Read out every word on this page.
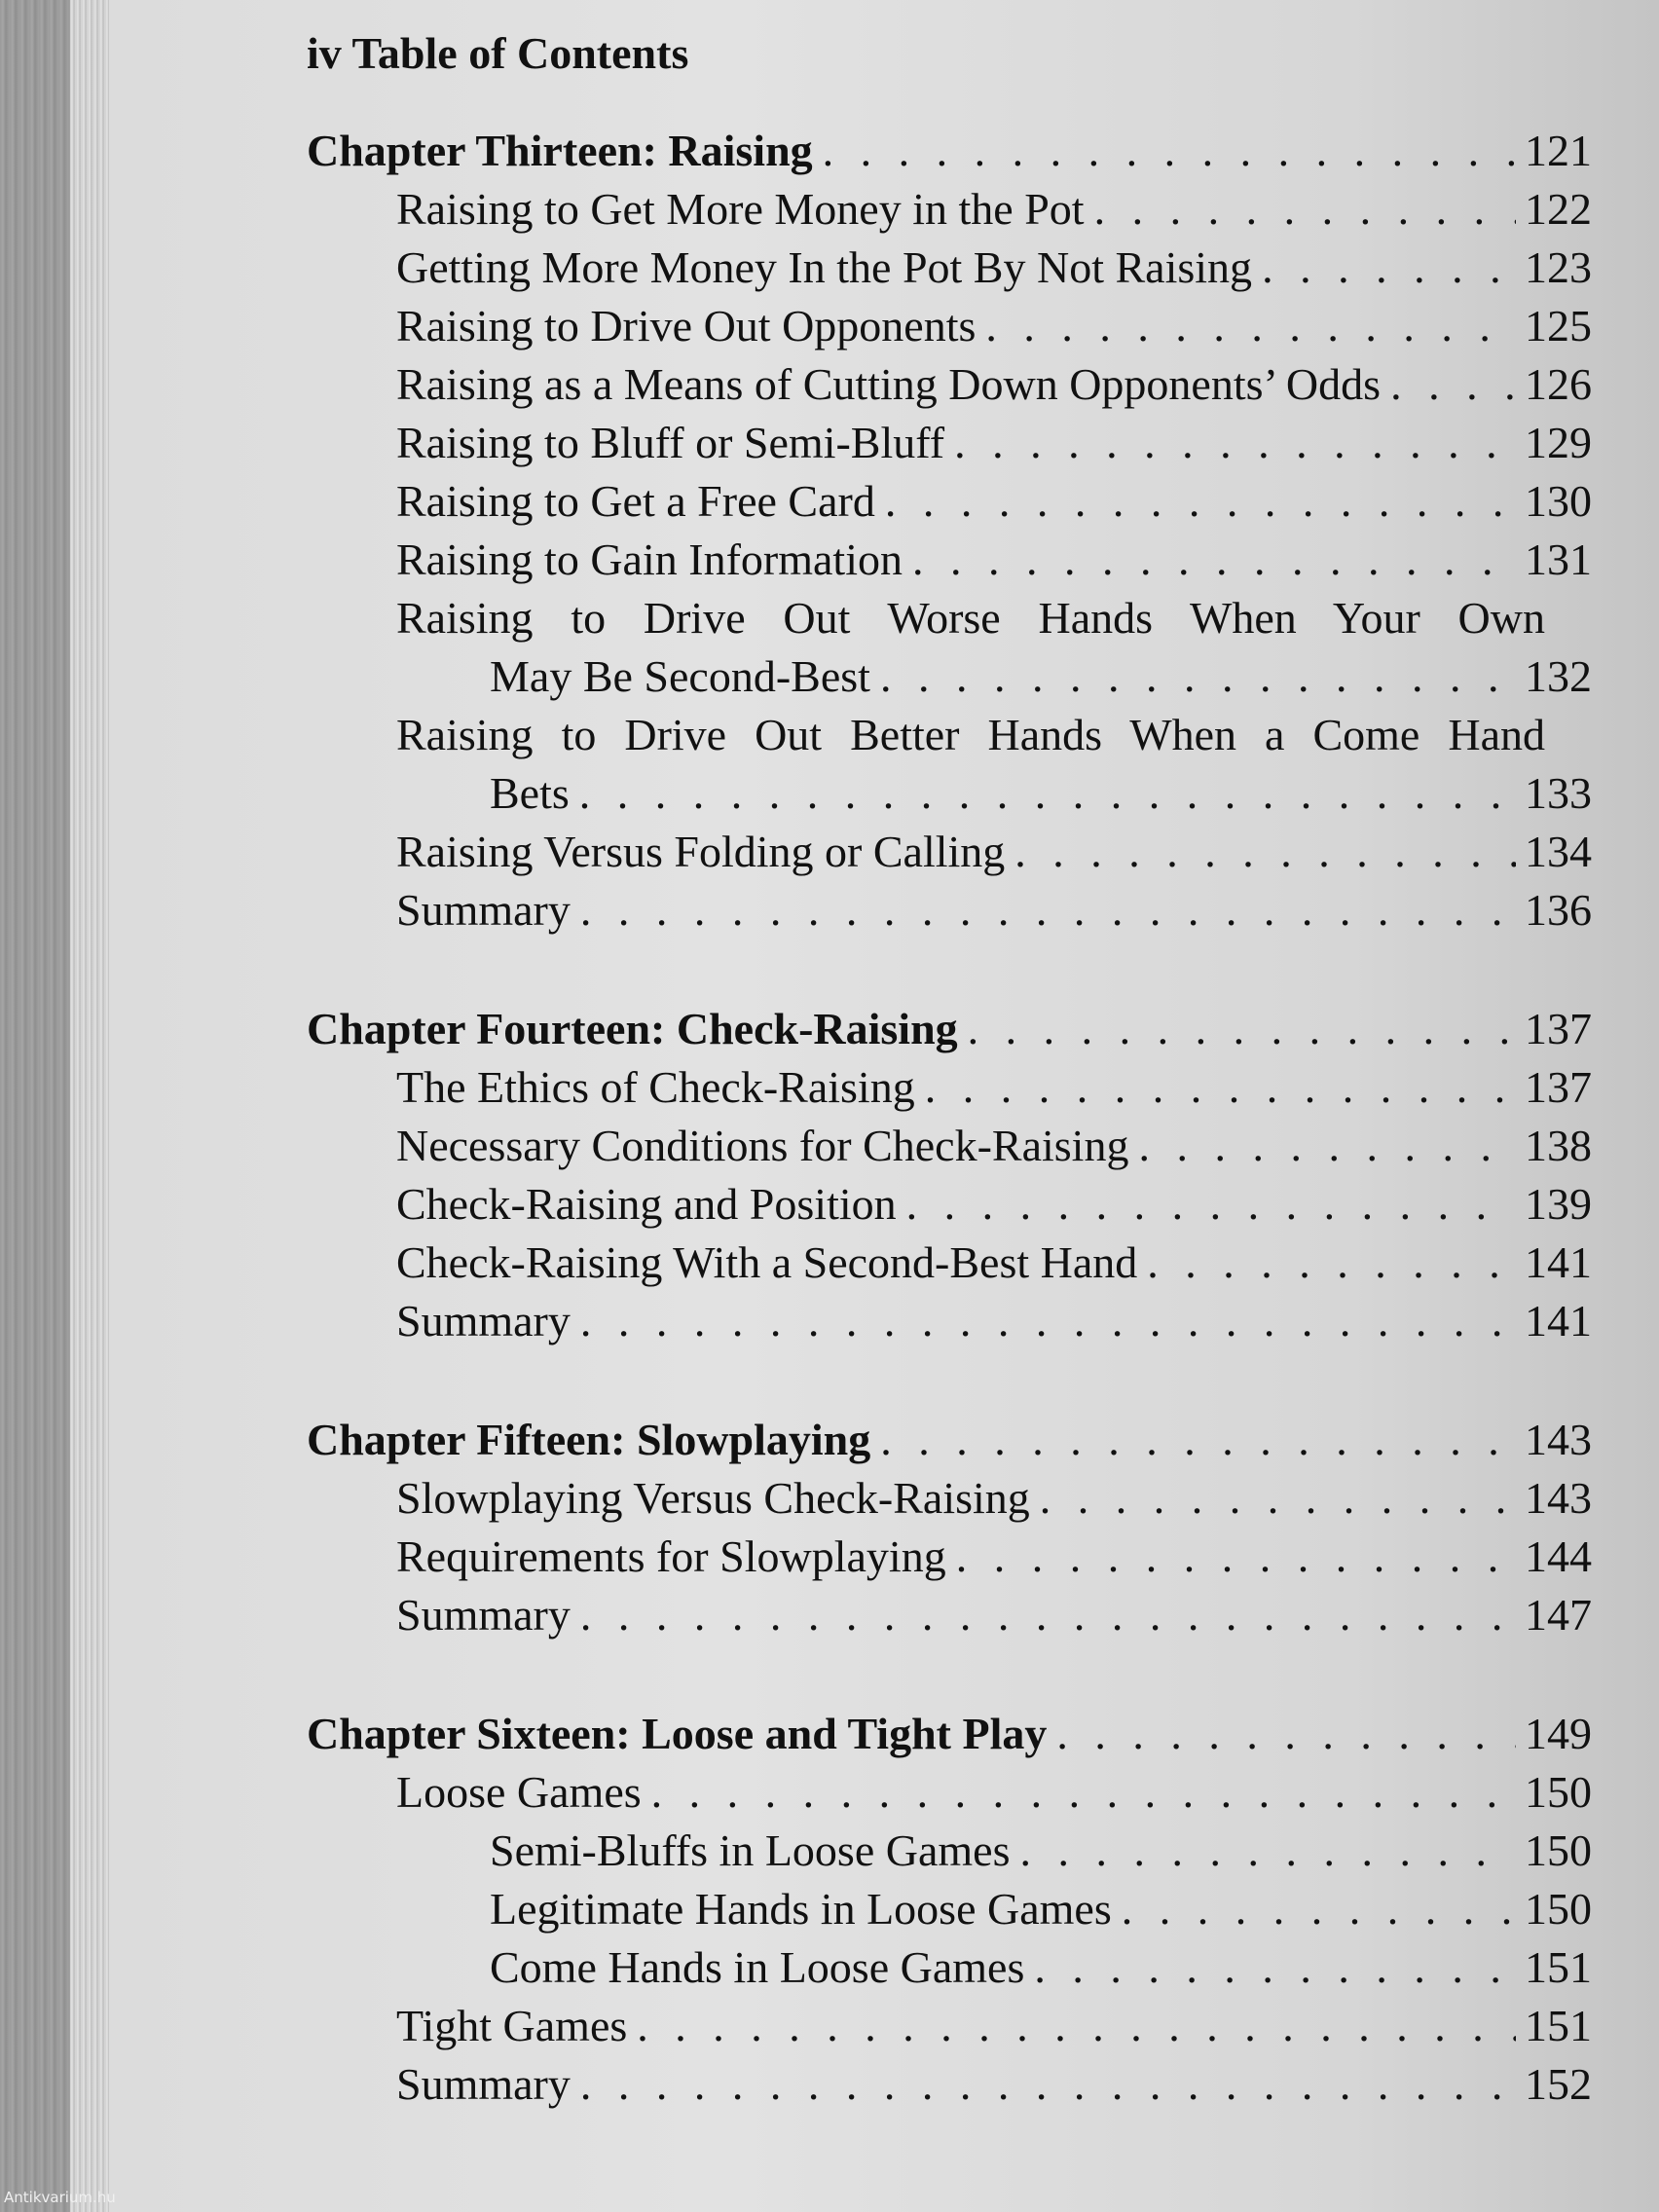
iv Table of Contents
Chapter Thirteen: Raising . . .	121
Raising to Get More Money in the Pot . . .	122
Getting More Money In the Pot By Not Raising . . .	123
Raising to Drive Out Opponents . . .	125
Raising as a Means of Cutting Down Opponents’ Odds . . .	126
Raising to Bluff or Semi-Bluff . . .	129
Raising to Get a Free Card . . .	130
Raising to Gain Information . . .	131
Raising to Drive Out Worse Hands When Your Own
May Be Second-Best . . .	132
Raising to Drive Out Better Hands When a Come Hand
Bets . . .	133
Raising Versus Folding or Calling . . .	134
Summary . . .	136
Chapter Fourteen: Check-Raising . . .	137
The Ethics of Check-Raising . . .	137
Necessary Conditions for Check-Raising . . .	138
Check-Raising and Position . . .	139
Check-Raising With a Second-Best Hand . . .	141
Summary . . .	141
Chapter Fifteen: Slowplaying . . .	143
Slowplaying Versus Check-Raising . . .	143
Requirements for Slowplaying . . .	144
Summary . . .	147
Chapter Sixteen: Loose and Tight Play . . .	149
Loose Games . . .	150
Semi-Bluffs in Loose Games . . .	150
Legitimate Hands in Loose Games . . .	150
Come Hands in Loose Games . . .	151
Tight Games . . .	151
Summary . . .	152
Antikvarium.hu
